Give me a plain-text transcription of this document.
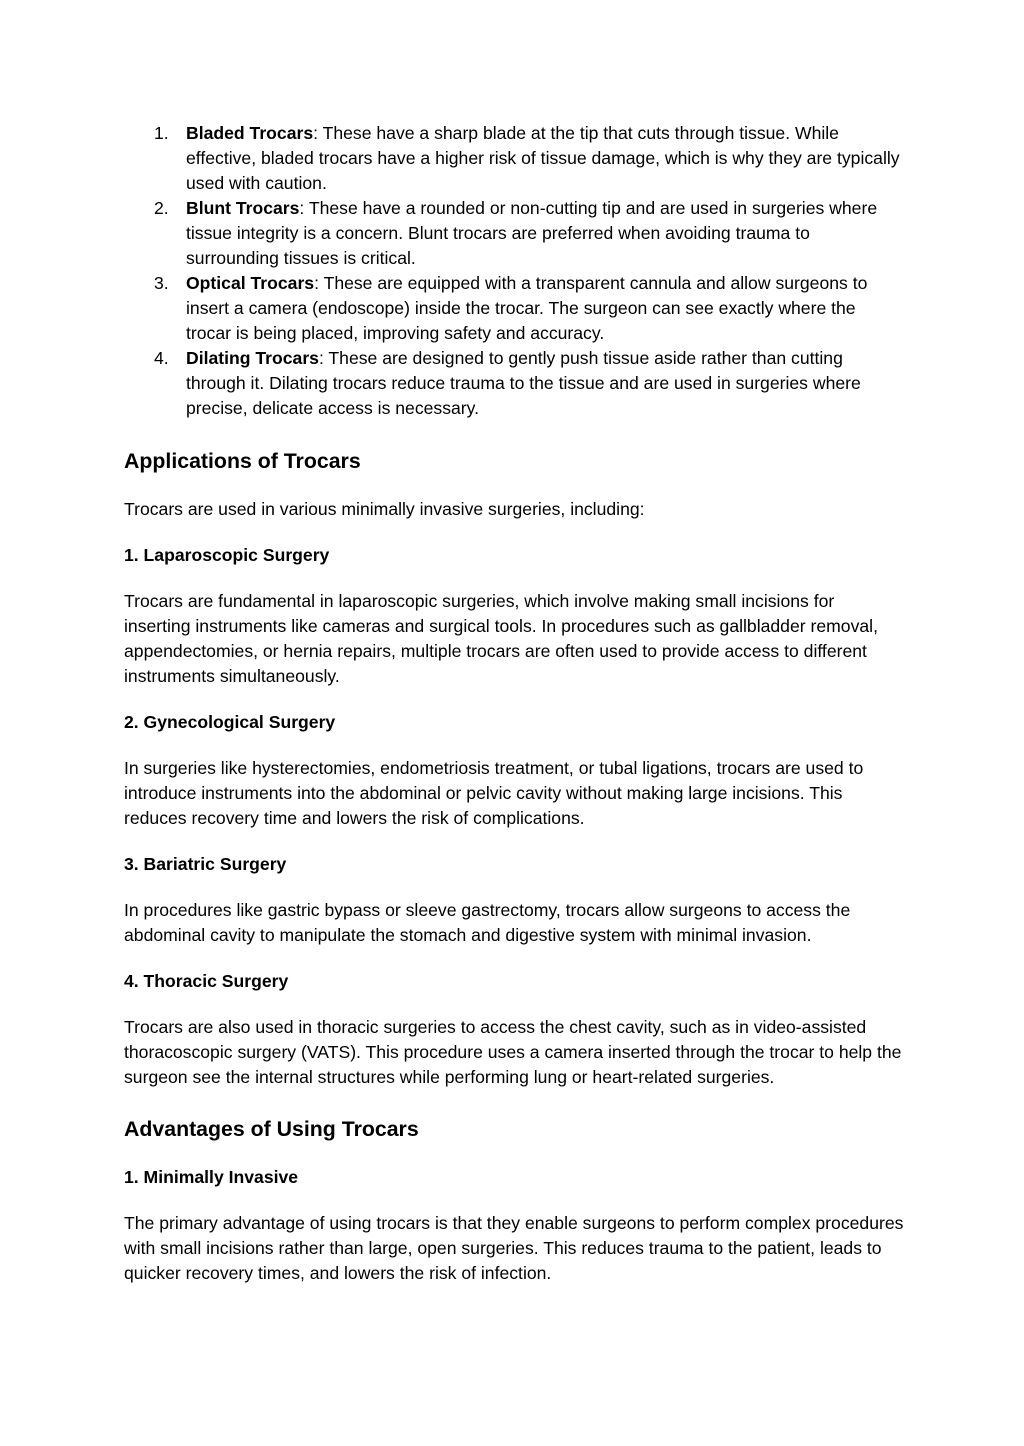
1. Bladed Trocars: These have a sharp blade at the tip that cuts through tissue. While effective, bladed trocars have a higher risk of tissue damage, which is why they are typically used with caution.
2. Blunt Trocars: These have a rounded or non-cutting tip and are used in surgeries where tissue integrity is a concern. Blunt trocars are preferred when avoiding trauma to surrounding tissues is critical.
3. Optical Trocars: These are equipped with a transparent cannula and allow surgeons to insert a camera (endoscope) inside the trocar. The surgeon can see exactly where the trocar is being placed, improving safety and accuracy.
4. Dilating Trocars: These are designed to gently push tissue aside rather than cutting through it. Dilating trocars reduce trauma to the tissue and are used in surgeries where precise, delicate access is necessary.
Applications of Trocars

Trocars are used in various minimally invasive surgeries, including:

1. Laparoscopic Surgery

Trocars are fundamental in laparoscopic surgeries, which involve making small incisions for inserting instruments like cameras and surgical tools. In procedures such as gallbladder removal, appendectomies, or hernia repairs, multiple trocars are often used to provide access to different instruments simultaneously.

2. Gynecological Surgery

In surgeries like hysterectomies, endometriosis treatment, or tubal ligations, trocars are used to introduce instruments into the abdominal or pelvic cavity without making large incisions. This reduces recovery time and lowers the risk of complications.

3. Bariatric Surgery

In procedures like gastric bypass or sleeve gastrectomy, trocars allow surgeons to access the abdominal cavity to manipulate the stomach and digestive system with minimal invasion.

4. Thoracic Surgery

Trocars are also used in thoracic surgeries to access the chest cavity, such as in video-assisted thoracoscopic surgery (VATS). This procedure uses a camera inserted through the trocar to help the surgeon see the internal structures while performing lung or heart-related surgeries.

Advantages of Using Trocars
1. Minimally Invasive

The primary advantage of using trocars is that they enable surgeons to perform complex procedures with small incisions rather than large, open surgeries. This reduces trauma to the patient, leads to quicker recovery times, and lowers the risk of infection.
